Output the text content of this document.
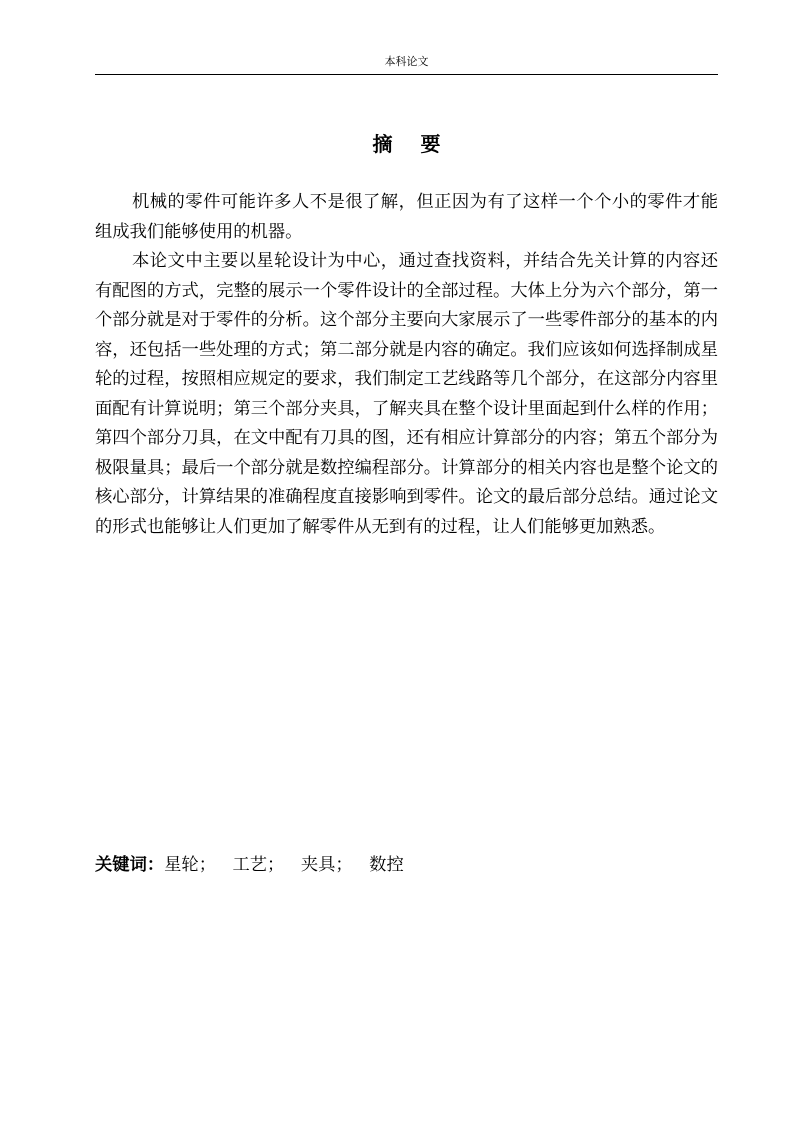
本科论文
摘要

机械的零件可能许多人不是很了解，但正因为有了这样一个个小的零件才能组成我们能够使用的机器。

本论文中主要以星轮设计为中心，通过查找资料，并结合先关计算的内容还有配图的方式，完整的展示一个零件设计的全部过程。大体上分为六个部分，第一个部分就是对于零件的分析。这个部分主要向大家展示了一些零件部分的基本的内容，还包括一些处理的方式；第二部分就是内容的确定。我们应该如何选择制成星轮的过程，按照相应规定的要求，我们制定工艺线路等几个部分，在这部分内容里面配有计算说明；第三个部分夹具，了解夹具在整个设计里面起到什么样的作用；第四个部分刀具，在文中配有刀具的图，还有相应计算部分的内容；第五个部分为极限量具；最后一个部分就是数控编程部分。计算部分的相关内容也是整个论文的核心部分，计算结果的准确程度直接影响到零件。论文的最后部分总结。通过论文的形式也能够让人们更加了解零件从无到有的过程，让人们能够更加熟悉。

关键词：星轮； 工艺； 夹具； 数控
